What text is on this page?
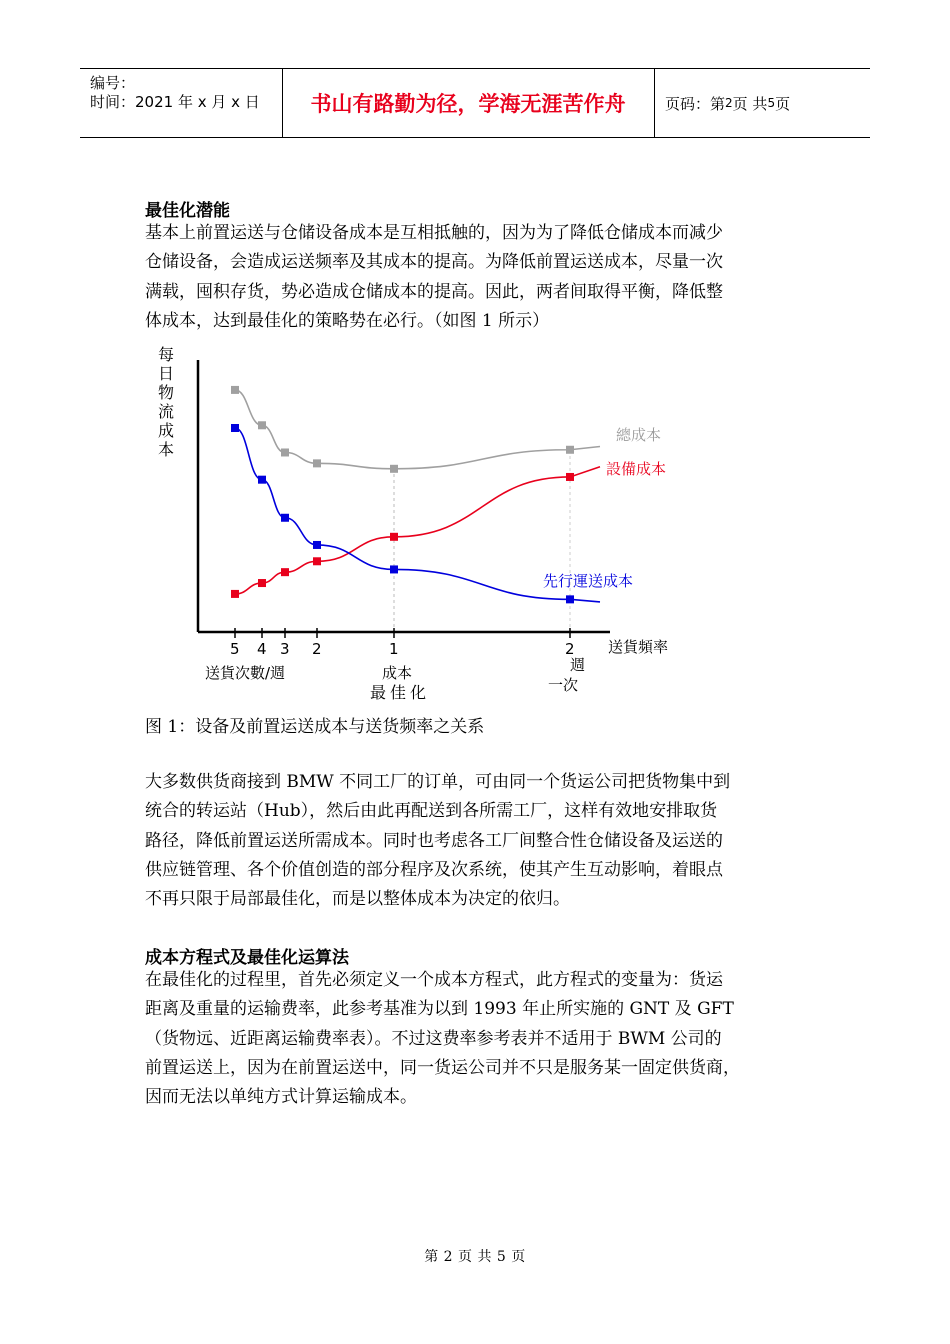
编号：
时间：2021 年 x 月 x 日	书山有路勤为径，学海无涯苦作舟	页码：第 2 页 共 5 页
最佳化潜能
基本上前置运送与仓储设备成本是互相抵触的，因为为了降低仓储成本而减少
仓储设备，会造成运送频率及其成本的提高。为降低前置运送成本，尽量一次
满载，囤积存货，势必造成仓储成本的提高。因此，两者间取得平衡，降低整
体成本，达到最佳化的策略势在必行。（如图 1 所示）
每
日
物
流
成
本
5 4 3 2	1	2
總成本
設備成本
先行運送成本
送貨頻率
送貨次數/週	成本
最佳化
週
一次
图 1：设备及前置运送成本与送货频率之关系
大多数供货商接到 BMW 不同工厂的订单，可由同一个货运公司把货物集中到
统合的转运站（Hub），然后由此再配送到各所需工厂，这样有效地安排取货
路径，降低前置运送所需成本。同时也考虑各工厂间整合性仓储设备及运送的
供应链管理、各个价值创造的部分程序及次系统，使其产生互动影响，着眼点
不再只限于局部最佳化，而是以整体成本为决定的依归。
成本方程式及最佳化运算法
在最佳化的过程里，首先必须定义一个成本方程式，此方程式的变量为：货运
距离及重量的运输费率，此参考基准为以到 1993 年止所实施的 GNT 及 GFT
（货物远、近距离运输费率表）。不过这费率参考表并不适用于 BWM 公司的
前置运送上，因为在前置运送中，同一货运公司并不只是服务某一固定供货商，
因而无法以单纯方式计算运输成本。
第 2 页 共 5 页
